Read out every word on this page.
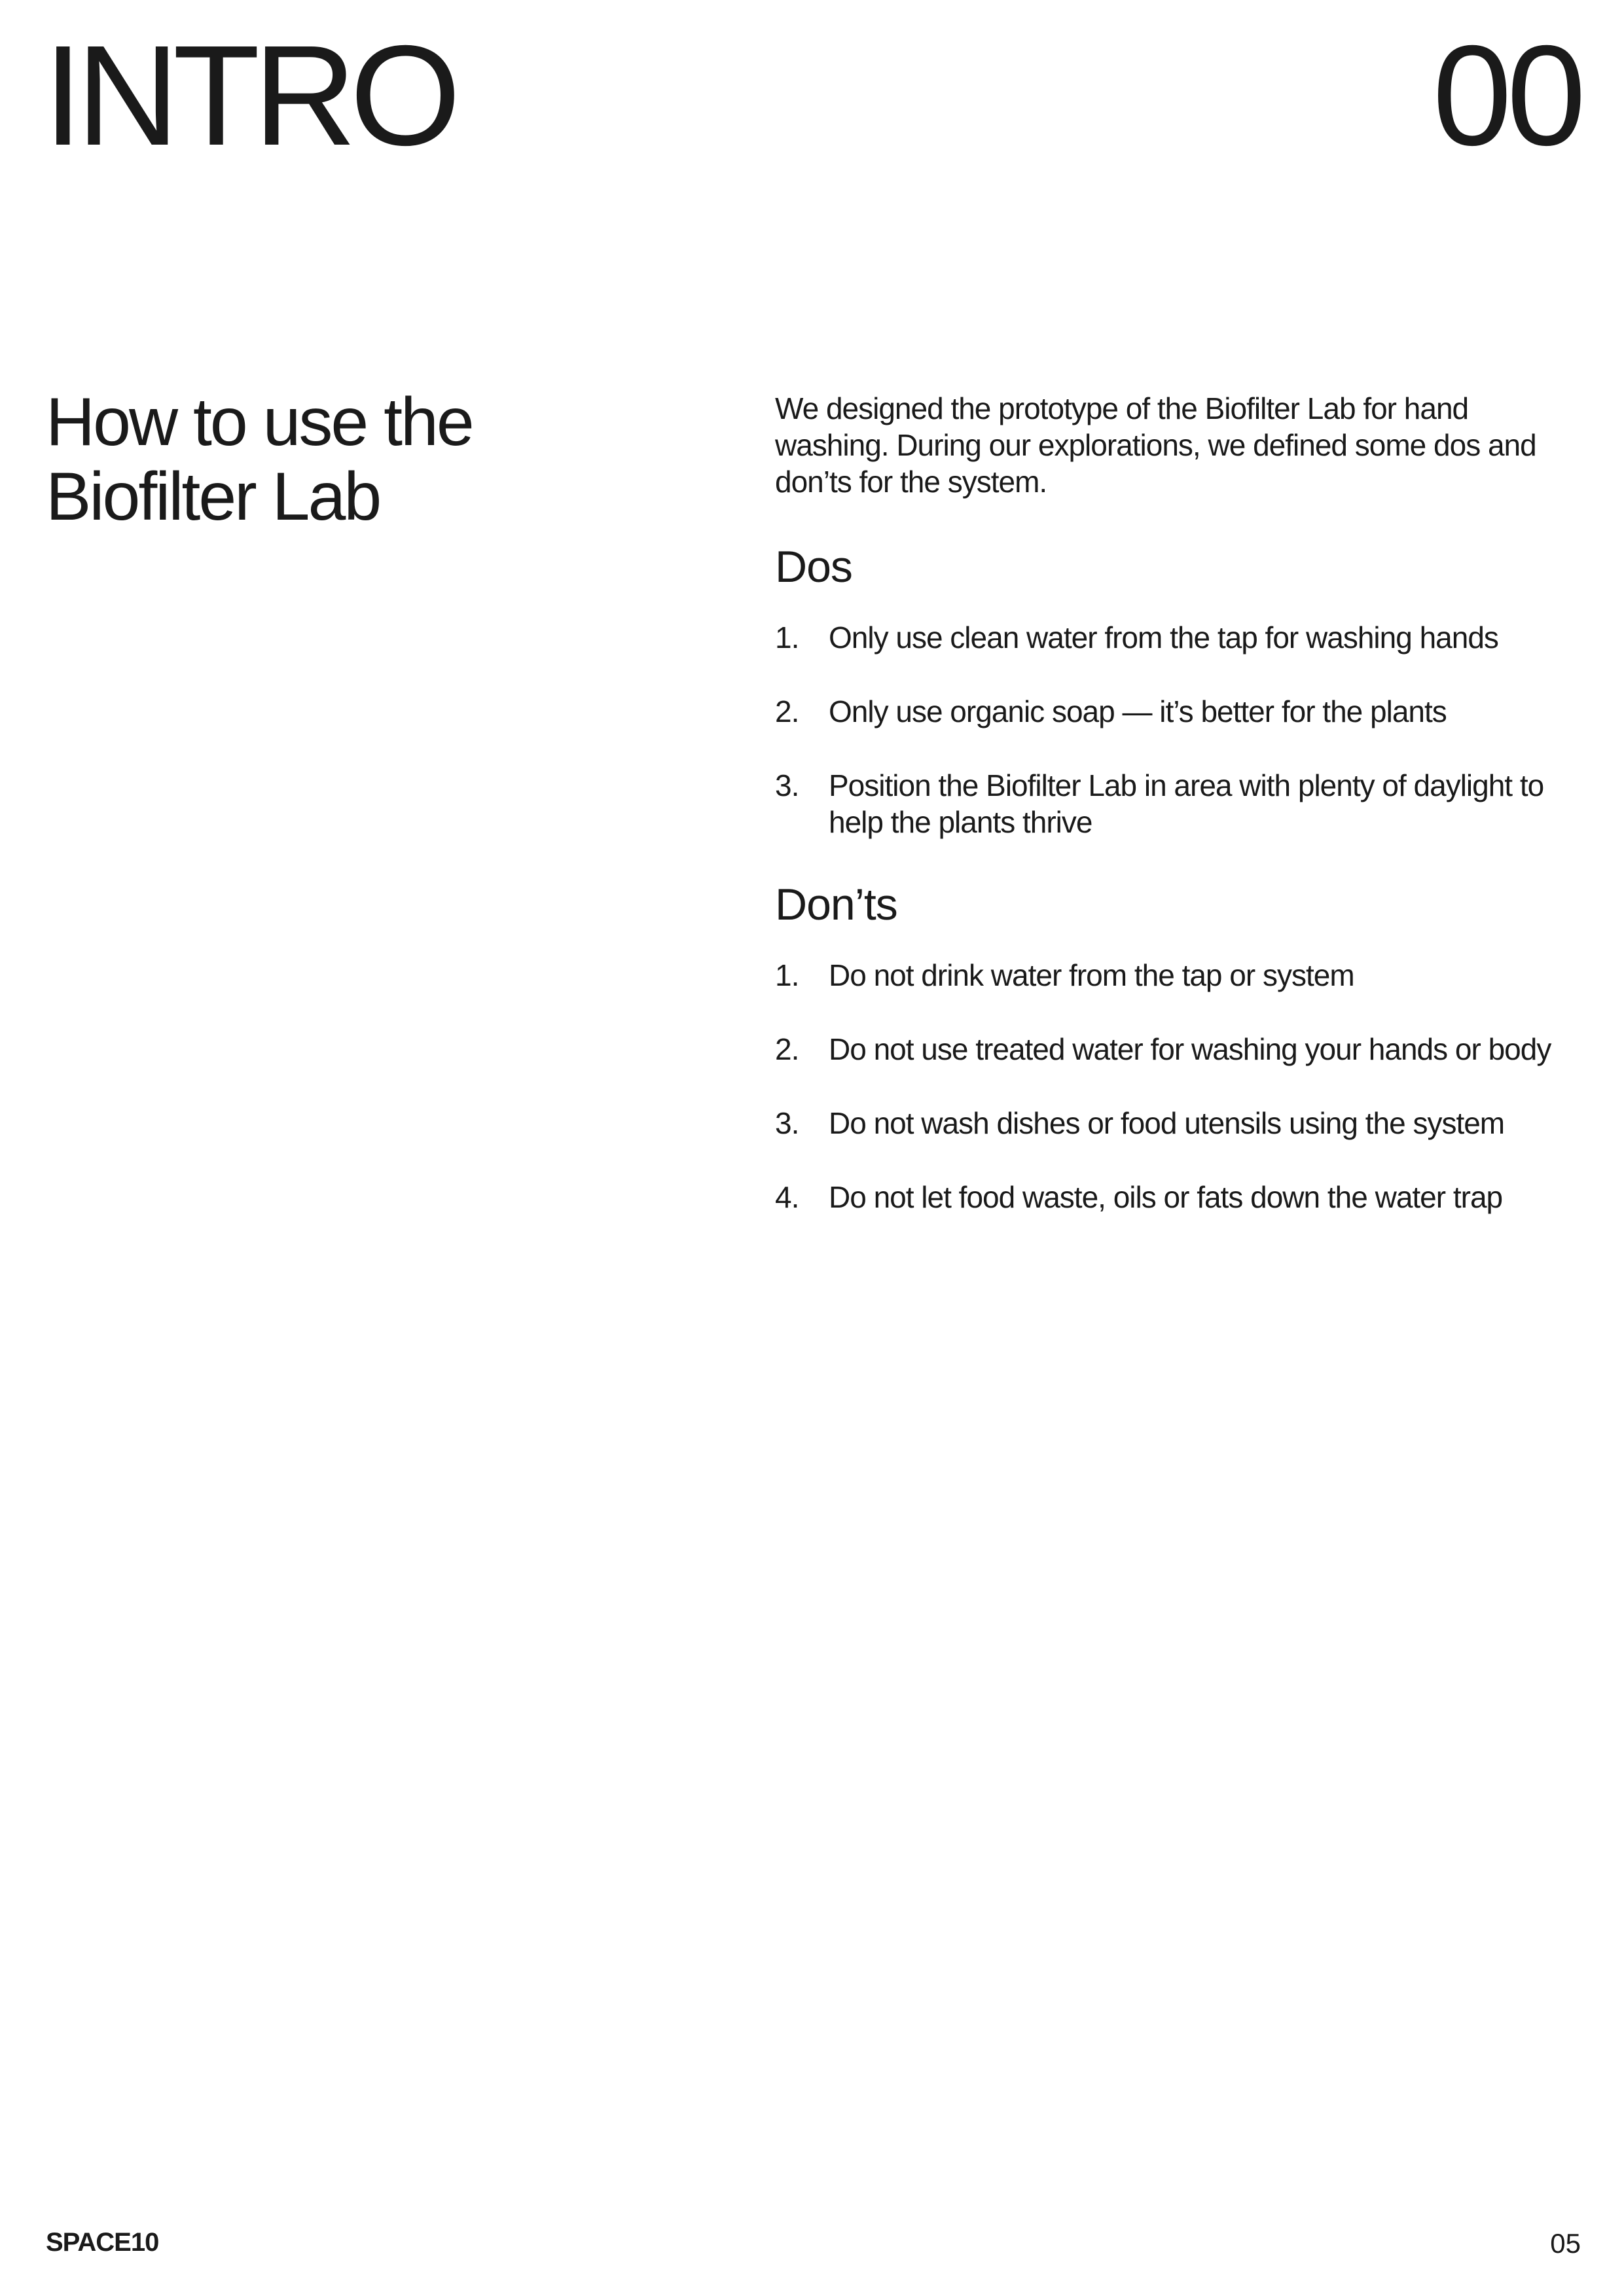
INTRO	00
How to use the Biofilter Lab

We designed the prototype of the Biofilter Lab for hand washing. During our explorations, we defined some dos and don’ts for the system.

Dos
1. Only use clean water from the tap for washing hands
2. Only use organic soap — it’s better for the plants
3. Position the Biofilter Lab in area with plenty of daylight to help the plants thrive
Don’ts
1. Do not drink water from the tap or system
2. Do not use treated water for washing your hands or body
3. Do not wash dishes or food utensils using the system
4. Do not let food waste, oils or fats down the water trap
SPACE10	05
